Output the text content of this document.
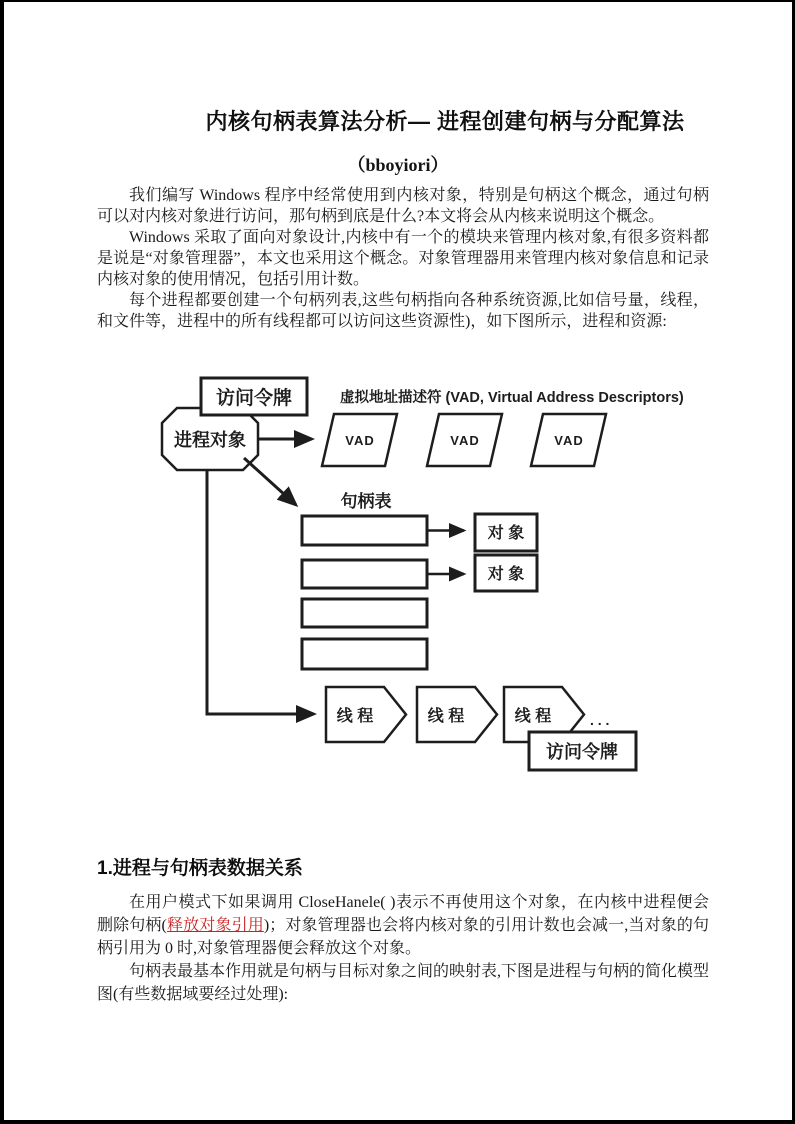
内核句柄表算法分析— 进程创建句柄与分配算法
（bboyiori）

我们编写 Windows 程序中经常使用到内核对象，特别是句柄这个概念，通过句柄可以对内核对象进行访问，那句柄到底是什么?本文将会从内核来说明这个概念。

Windows 采取了面向对象设计,内核中有一个的模块来管理内核对象,有很多资料都是说是“对象管理器”，本文也采用这个概念。对象管理器用来管理内核对象信息和记录内核对象的使用情况，包括引用计数。

每个进程都要创建一个句柄列表,这些句柄指向各种系统资源,比如信号量，线程，和文件等，进程中的所有线程都可以访问这些资源性)，如下图所示，进程和资源:

访问令牌
进程对象
虚拟地址描述符 (VAD, Virtual Address Descriptors)
VAD	VAD	VAD
句柄表
对 象
对 象
线 程	线 程	线 程	. . .
访问令牌
1.进程与句柄表数据关系

在用户模式下如果调用 CloseHanele( )表示不再使用这个对象，在内核中进程便会删除句柄(释放对象引用)；对象管理器也会将内核对象的引用计数也会减一,当对象的句柄引用为 0 时,对象管理器便会释放这个对象。

句柄表最基本作用就是句柄与目标对象之间的映射表,下图是进程与句柄的简化模型图(有些数据域要经过处理):
